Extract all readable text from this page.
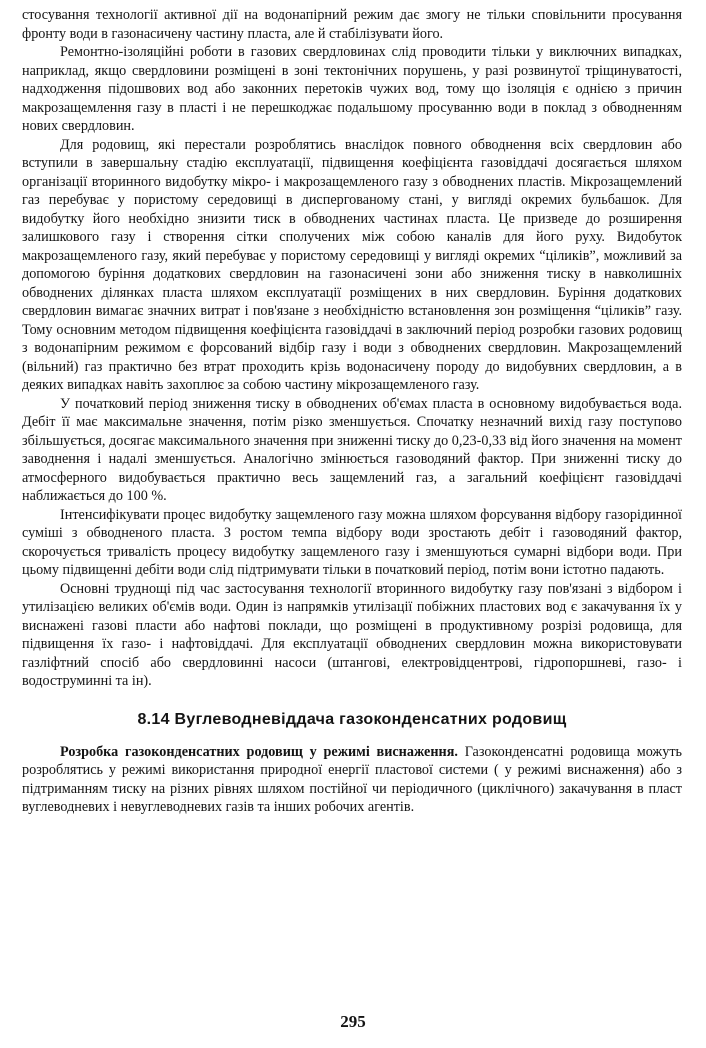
стосування технології активної дії на водонапірний режим дає змогу не тільки сповільнити просування фронту води в газонасичену частину пласта, але й стабілізувати його.

Ремонтно-ізоляційні роботи в газових свердловинах слід проводити тільки у виключних випадках, наприклад, якщо свердловини розміщені в зоні тектонічних порушень, у разі розвинутої тріщинуватості, надходження підошвових вод або законних перетоків чужих вод, тому що ізоляція є однією з причин макрозащемлення газу в пласті і не перешкоджає подальшому просуванню води в поклад з обводненням нових свердловин.

Для родовищ, які перестали розроблятись внаслідок повного обводнення всіх свердловин або вступили в завершальну стадію експлуатації, підвищення коефіцієнта газовіддачі досягається шляхом організації вторинного видобутку мікро- і макрозащемленого газу з обводнених пластів. Мікрозащемлений газ перебуває у пористому середовищі в диспергованому стані, у вигляді окремих бульбашок. Для видобутку його необхідно знизити тиск в обводнених частинах пласта. Це призведе до розширення залишкового газу і створення сітки сполучених між собою каналів для його руху. Видобуток макрозащемленого газу, який перебуває у пористому середовищі у вигляді окремих “ціликів”, можливий за допомогою буріння додаткових свердловин на газонасичені зони або зниження тиску в навколишніх обводнених ділянках пласта шляхом експлуатації розміщених в них свердловин. Буріння додаткових свердловин вимагає значних витрат і пов'язане з необхідністю встановлення зон розміщення “ціликів” газу. Тому основним методом підвищення коефіцієнта газовіддачі в заключний період розробки газових родовищ з водонапірним режимом є форсований відбір газу і води з обводнених свердловин. Макрозащемлений (вільний) газ практично без втрат проходить крізь водонасичену породу до видобувних свердловин, а в деяких випадках навіть захоплює за собою частину мікрозащемленого газу.

У початковий період зниження тиску в обводнених об'ємах пласта в основному видобувається вода. Дебіт її має максимальне значення, потім різко зменшується. Спочатку незначний вихід газу поступово збільшується, досягає максимального значення при зниженні тиску до 0,23-0,33 від його значення на момент заводнення і надалі зменшується. Аналогічно змінюється газоводяний фактор. При зниженні тиску до атмосферного видобувається практично весь защемлений газ, а загальний коефіцієнт газовіддачі наближається до 100 %.

Інтенсифікувати процес видобутку защемленого газу можна шляхом форсування відбору газорідинної суміші з обводненого пласта. З ростом темпа відбору води зростають дебіт і газоводяний фактор, скорочується тривалість процесу видобутку защемленого газу і зменшуються сумарні відбори води. При цьому підвищенні дебіти води слід підтримувати тільки в початковий період, потім вони істотно падають.

Основні труднощі під час застосування технології вторинного видобутку газу пов'язані з відбором і утилізацією великих об'ємів води. Один із напрямків утилізації побіжних пластових вод є закачування їх у виснажені газові пласти або нафтові поклади, що розміщені в продуктивному розрізі родовища, для підвищення їх газо- і нафтовіддачі. Для експлуатації обводнених свердловин можна використовувати газліфтний спосіб або свердловинні насоси (штангові, електровідцентрові, гідропоршневі, газо- і водоструминні та ін).

8.14 Вуглеводневіддача газоконденсатних родовищ

Розробка газоконденсатних родовищ у режимі виснаження. Газоконденсатні родовища можуть розроблятись у режимі використання природної енергії пластової системи ( у режимі виснаження) або з підтриманням тиску на різних рівнях шляхом постійної чи періодичного (циклічного) закачування в пласт вуглеводневих і невуглеводневих газів та інших робочих агентів.

295
